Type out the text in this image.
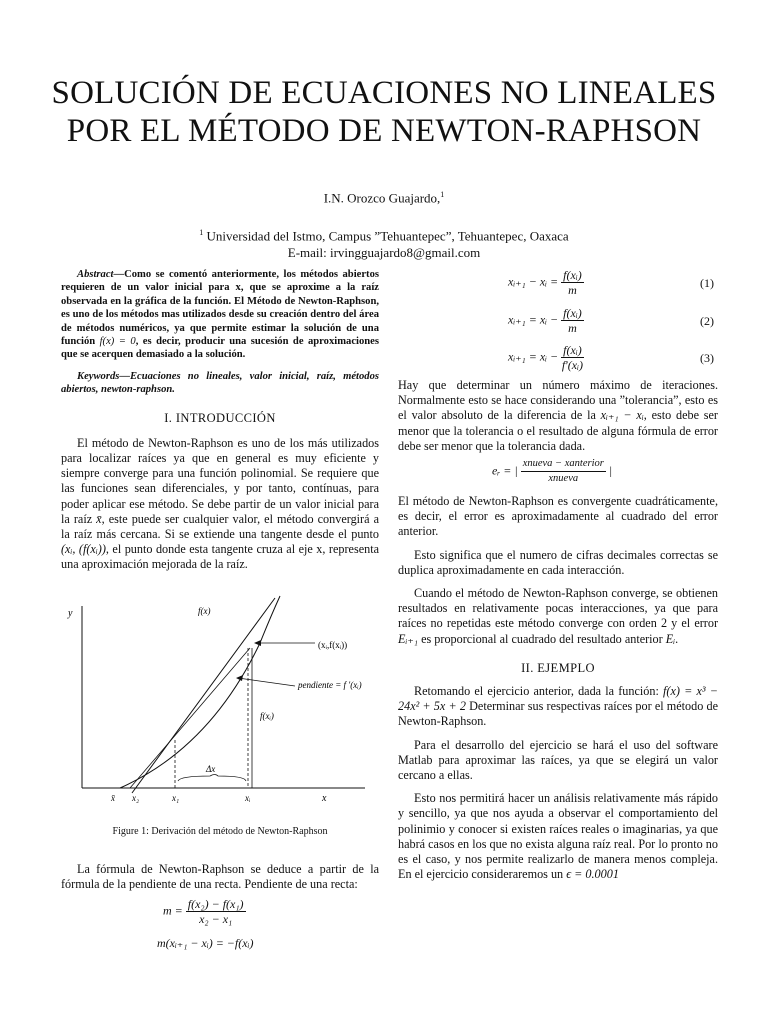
SOLUCIÓN DE ECUACIONES NO LINEALES
POR EL MÉTODO DE NEWTON-RAPHSON
I.N. Orozco Guajardo,$^1$
$^1$ Universidad del Istmo, Campus ”Tehuantepec”, Tehuantepec, Oaxaca
E-mail: irvingguajardo8@gmail.com

Abstract—Como se comentó anteriormente, los métodos abiertos requieren de un valor inicial para x, que se aproxime a la raíz observada en la gráfica de la función. El Método de Newton-Raphson, es uno de los métodos mas utilizados desde su creación dentro del área de métodos numéricos, ya que permite estimar la solución de una función f(x) = 0, es decir, producir una sucesión de aproximaciones que se acerquen demasiado a la solución.

Keywords—Ecuaciones no lineales, valor inicial, raíz, métodos abiertos, newton-raphson.

I. INTRODUCCIÓN

El método de Newton-Raphson es uno de los más utilizados para localizar raíces ya que en general es muy eficiente y siempre converge para una función polinomial. Se requiere que las funciones sean diferenciales, y por tanto, contínuas, para poder aplicar ese método. Se debe partir de un valor inicial para la raíz x̄, este puede ser cualquier valor, el método convergirá a la raíz más cercana. Si se extiende una tangente desde el punto (xᵢ, (f(xᵢ)), el punto donde esta tangente cruza al eje x, representa una aproximación mejorada de la raíz.

y
x
f(x)
(xᵢ,f(xᵢ))
pendiente = f '(xᵢ)
f(xᵢ)
Δx
x̄ x₂	x₁	xᵢ
Figure 1: Derivación del método de Newton-Raphson

La fórmula de Newton-Raphson se deduce a partir de la fórmula de la pendiente de una recta. Pendiente de una recta:

$m = \frac{\text{f(x₂) − f(x₁)}}{\text{x₂ − x₁}}$
m(xᵢ₊₁ − xᵢ) = −f(xᵢ)
xᵢ₊₁ − xᵢ = $\frac{\text{f(xᵢ)}}{m}$	(1)
xᵢ₊₁ = xᵢ − $\frac{\text{f(xᵢ)}}{m}$	(2)
xᵢ₊₁ = xᵢ − $\frac{\text{f(xᵢ)}}{\text{f′(xᵢ)}}$	(3)

Hay que determinar un número máximo de iteraciones. Normalmente esto se hace considerando una ”tolerancia”, esto es el valor absoluto de la diferencia de la xᵢ₊₁ − xᵢ, esto debe ser menor que la tolerancia o el resultado de alguna fórmula de error debe ser menor que la tolerancia dada.

eᵣ = | $\frac{\text{xnueva − xanterior}}{\text{xnueva}}$ |

El método de Newton-Raphson es convergente cuadráticamente, es decir, el error es aproximadamente al cuadrado del error anterior.

Esto significa que el numero de cifras decimales correctas se duplica aproximadamente en cada interacción.

Cuando el método de Newton-Raphson converge, se obtienen resultados en relativamente pocas interacciones, ya que para raíces no repetidas este método converge con orden 2 y el error Eᵢ₊₁ es proporcional al cuadrado del resultado anterior Eᵢ.

II. EJEMPLO

Retomando el ejercicio anterior, dada la función: f(x) = x³ − 24x² + 5x + 2 Determinar sus respectivas raíces por el método de Newton-Raphson.

Para el desarrollo del ejercicio se hará el uso del software Matlab para aproximar las raíces, ya que se elegirá un valor cercano a ellas.

Esto nos permitirá hacer un análisis relativamente más rápido y sencillo, ya que nos ayuda a observar el comportamiento del polinimio y conocer si existen raíces reales o imaginarias, ya que habrá casos en los que no exista alguna raíz real. Por lo pronto no es el caso, y nos permite realizarlo de manera menos compleja. En el ejercicio consideraremos un ϵ = 0.0001
